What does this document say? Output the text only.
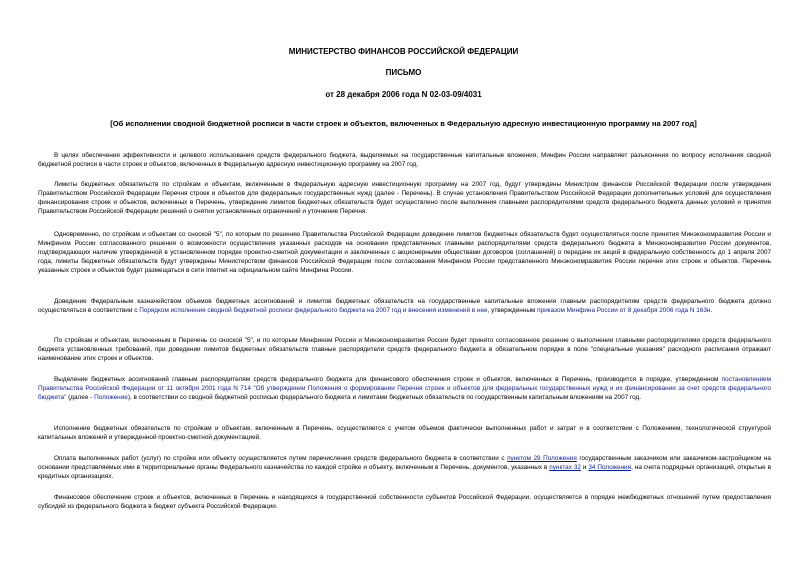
МИНИСТЕРСТВО ФИНАНСОВ РОССИЙСКОЙ ФЕДЕРАЦИИ
ПИСЬМО
от 28 декабря 2006 года N 02-03-09/4031
[Об исполнении сводной бюджетной росписи в части строек и объектов, включенных в Федеральную адресную инвестиционную программу на 2007 год]

В целях обеспечения эффективности и целевого использования средств федерального бюджета, выделяемых на государственные капитальные вложения, Минфин России направляет разъяснения по вопросу исполнения сводной бюджетной росписи в части строек и объектов, включенных в Федеральную адресную инвестиционную программу на 2007 год.

Лимиты бюджетных обязательств по стройкам и объектам, включенным в Федеральную адресную инвестиционную программу на 2007 год, будут утверждены Министром финансов Российской Федерации после утверждения Правительством Российской Федерации Перечня строек и объектов для федеральных государственных нужд (далее - Перечень). В случае установления Правительством Российской Федерации дополнительных условий для осуществления финансирования строек и объектов, включенных в Перечень, утверждение лимитов бюджетных обязательств будет осуществлено после выполнения главными распорядителями средств федерального бюджета данных условий и принятия Правительством Российской Федерации решений о снятии установленных ограничений и уточнение Перечня.

Одновременно, по стройкам и объектам со сноской "5", по которым по решению Правительства Российской Федерации доведение лимитов бюджетных обязательств будет осуществляться после принятия Минэкономразвития России и Минфином России согласованного решения о возможности осуществления указанных расходов на основании представленных главными распорядителями средств федерального бюджета в Минэкономразвития России документов, подтверждающих наличие утвержденной в установленном порядке проектно-сметной документации и заключенных с акционерными обществами договоров (соглашений) о передаче их акций в федеральную собственность до 1 апреля 2007 года, лимиты бюджетных обязательств будут утверждены Министерством финансов Российской Федерации после согласования Минфином России представленного Минэкономразвития России перечня этих строек и объектов. Перечень указанных строек и объектов будет размещаться в сети Internet на официальном сайте Минфина России.

Доведение Федеральным казначейством объемов бюджетных ассигнований и лимитов бюджетных обязательств на государственные капитальные вложения главным распорядителям средств федерального бюджета должно осуществляться в соответствии с Порядком исполнения сводной бюджетной росписи федерального бюджета на 2007 год и внесения изменений в нее, утвержденным приказом Минфина России от 8 декабря 2006 года N 163н.

По стройкам и объектам, включенным в Перечень со сноской "5", и по которым Минфином России и Минэкономразвития России будет принято согласованное решение о выполнении главными распорядителями средств федерального бюджета установленных требований, при доведении лимитов бюджетных обязательств главные распорядители средств федерального бюджета в обязательном порядке в поле "специальные указания" расходного расписания отражают наименование этих строек и объектов.

Выделение бюджетных ассигнований главным распорядителям средств федерального бюджета для финансового обеспечения строек и объектов, включенных в Перечень, производится в порядке, утвержденном постановлением Правительства Российской Федерации от 11 октября 2001 года N 714 "Об утверждении Положения о формировании Перечня строек и объектов для федеральных государственных нужд и их финансировании за счет средств федерального бюджета" (далее - Положение), в соответствии со сводной бюджетной росписью федерального бюджета и лимитами бюджетных обязательств по государственным капитальным вложениям на 2007 год.

Исполнение бюджетных обязательств по стройкам и объектам, включенным в Перечень, осуществляется с учетом объемов фактически выполненных работ и затрат и в соответствии с Положением, технологической структурой капитальных вложений и утвержденной проектно-сметной документацией.

Оплата выполненных работ (услуг) по стройке или объекту осуществляется путем перечисления средств федерального бюджета в соответствии с пунктом 29 Положения государственным заказчиком или заказчиком-застройщиком на основании представляемых ими в территориальные органы Федерального казначейства по каждой стройке и объекту, включенным в Перечень, документов, указанных в пунктах 32 и 34 Положения, на счета подрядных организаций, открытые в кредитных организациях.

Финансовое обеспечение строек и объектов, включенных в Перечень и находящихся в государственной собственности субъектов Российской Федерации, осуществляется в порядке межбюджетных отношений путем предоставления субсидий из федерального бюджета в бюджет субъекта Российской Федерации.
